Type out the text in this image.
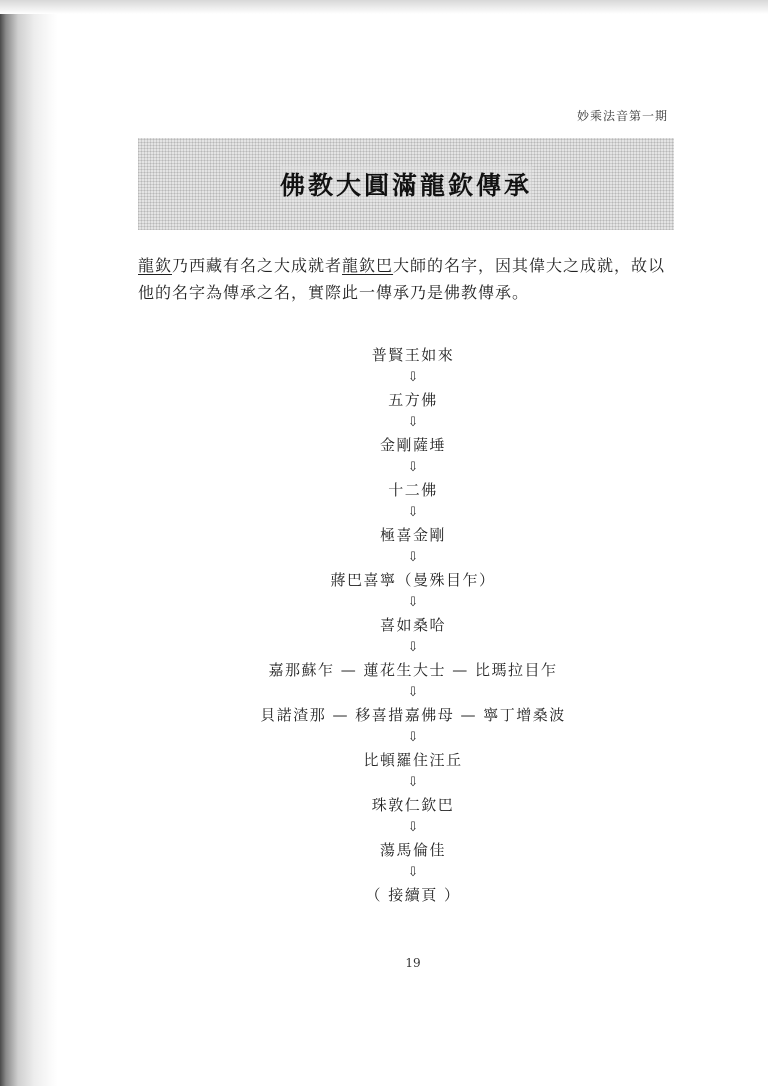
妙乘法音第一期
佛教大圓滿龍欽傳承

龍欽乃西藏有名之大成就者龍欽巴大師的名字，因其偉大之成就，故以他的名字為傳承之名，實際此一傳承乃是佛教傳承。

普賢王如來
⇩
五方佛
⇩
金剛薩埵
⇩
十二佛
⇩
極喜金剛
⇩
蔣巴喜寧（曼殊目乍）
⇩
喜如桑哈
⇩
嘉那蘇乍 — 蓮花生大士 — 比瑪拉目乍
⇩
貝諾渣那 — 移喜措嘉佛母 — 寧丁增桑波
⇩
比頓羅住汪丘
⇩
珠敦仁欽巴
⇩
蕩馬倫佳
⇩
（ 接續頁 ）
19
